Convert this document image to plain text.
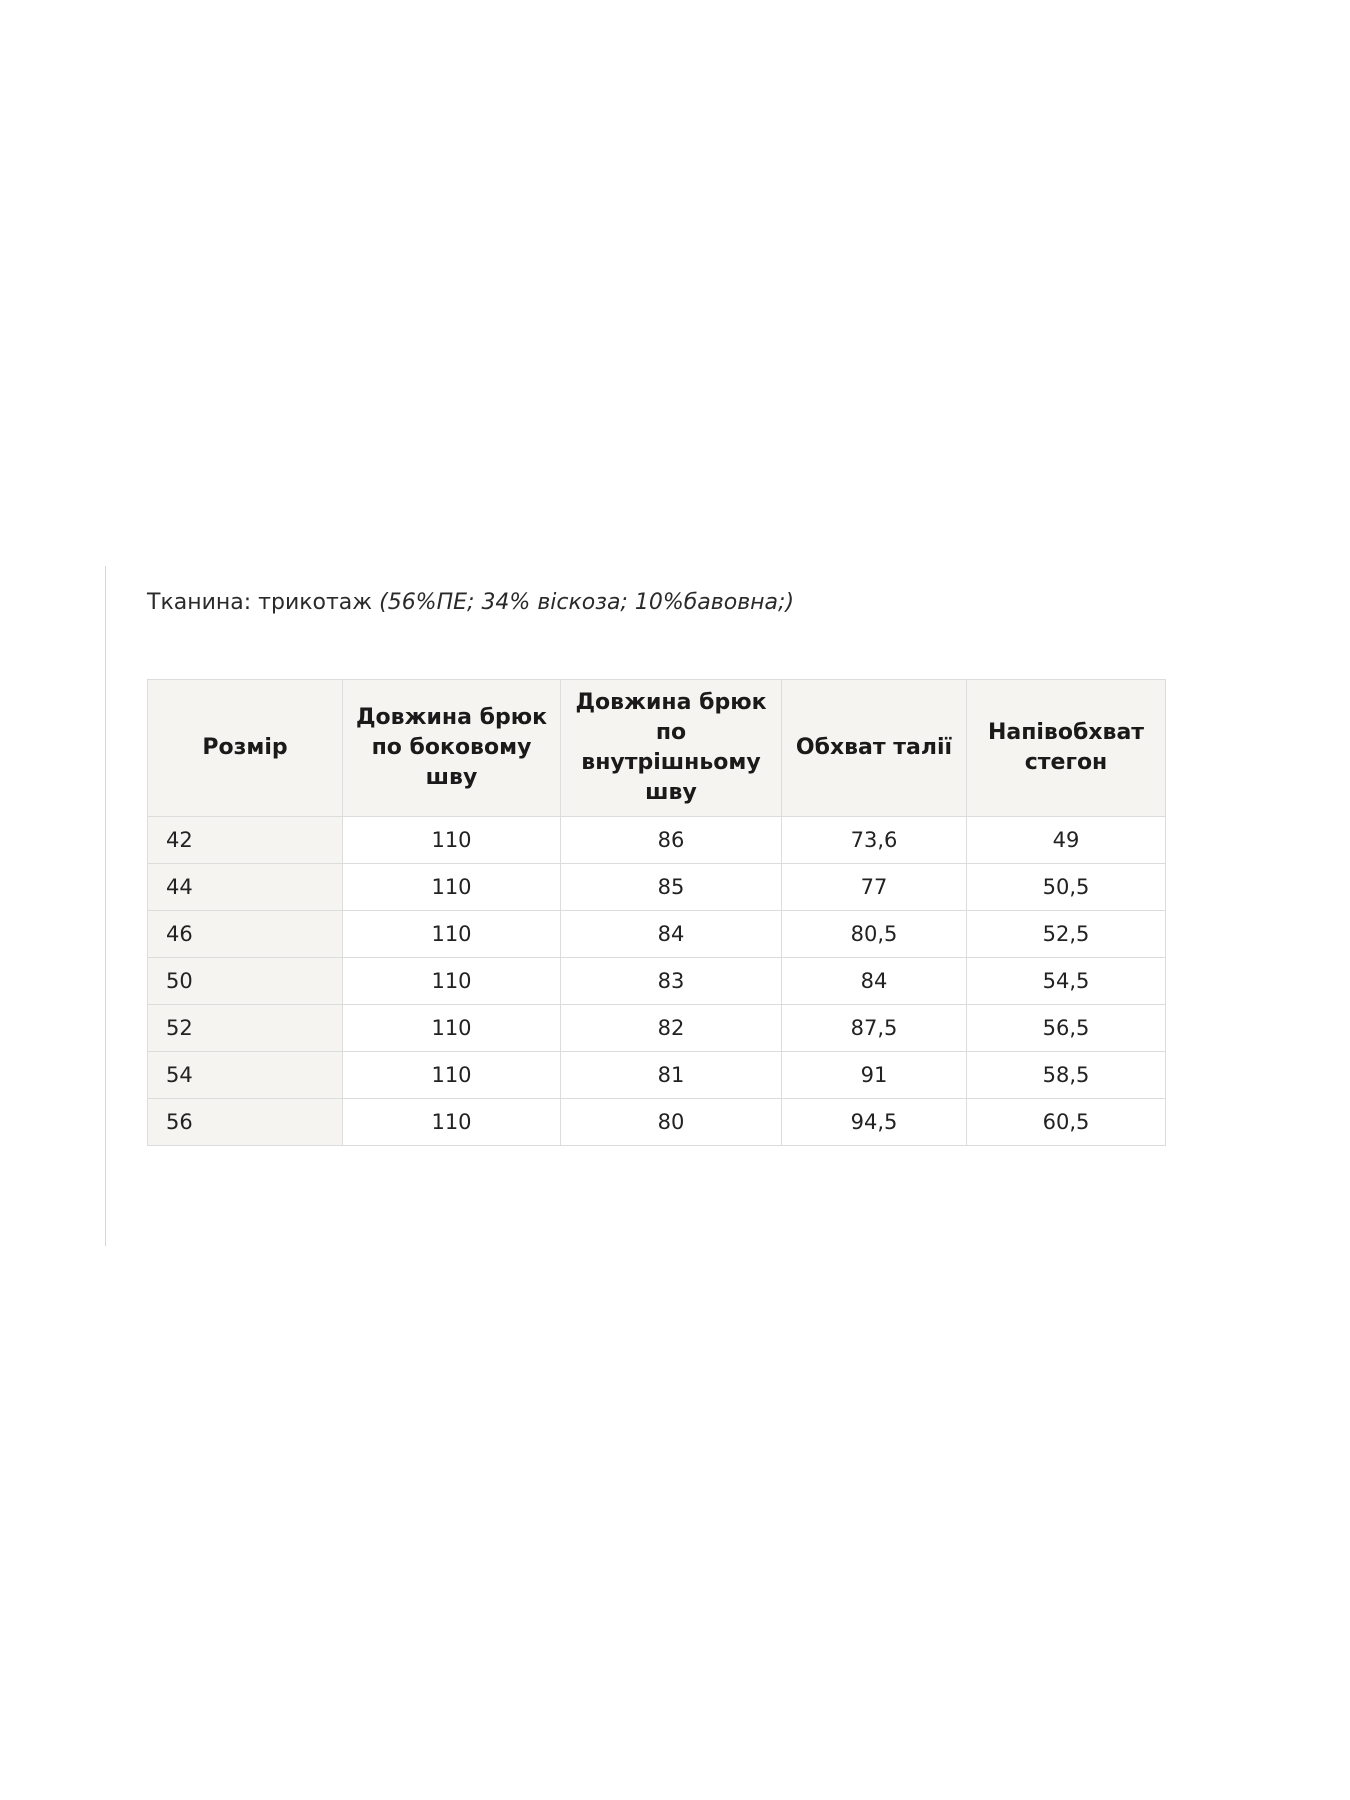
Тканина: трикотаж (56%ПЕ; 34% віскоза; 10%бавовна;)
Розмір	Довжина брюк по боковому шву	Довжина брюк по внутрішньому шву	Обхват талії	Напівобхват стегон
42	110	86	73,6	49
44	110	85	77	50,5
46	110	84	80,5	52,5
50	110	83	84	54,5
52	110	82	87,5	56,5
54	110	81	91	58,5
56	110	80	94,5	60,5
